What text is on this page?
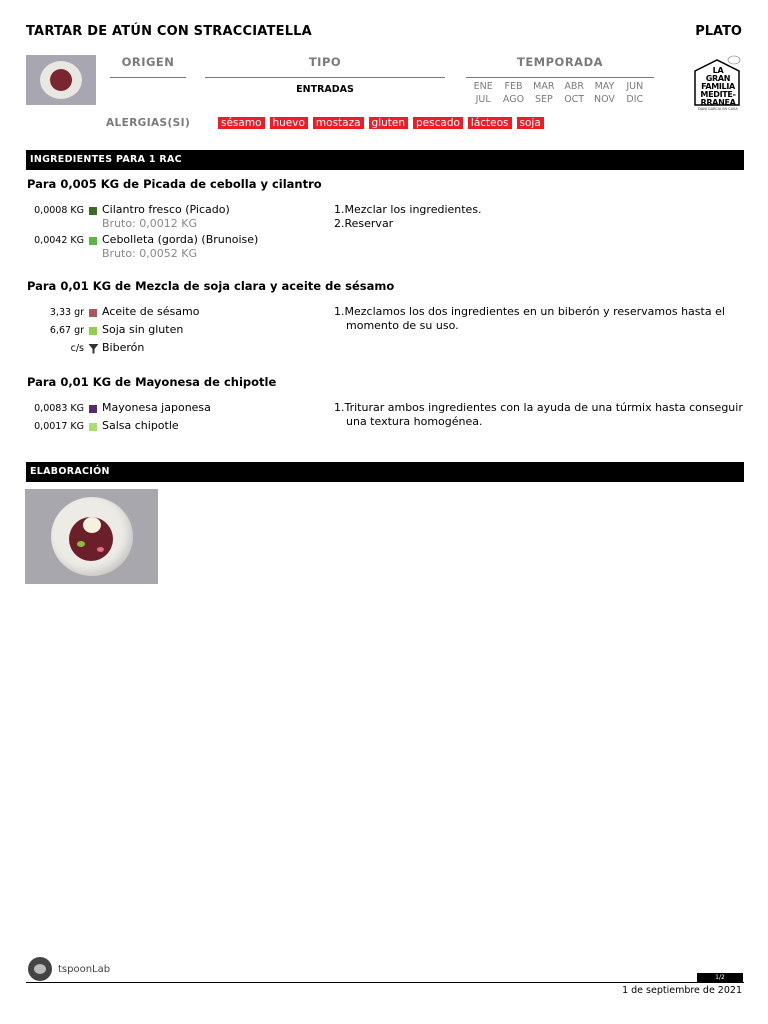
TARTAR DE ATÚN CON STRACCIATELLA	PLATO
ORIGEN	TIPO
ENTRADAS
TEMPORADA
ENE	FEB	MAR	ABR	MAY	JUN
JUL	AGO	SEP	OCT	NOV	DIC
LA
GRAN
FAMILIA
MEDITE-
RRANEA
DANI GARCIA EN CASA
ALERGIAS(SI)	sésamo huevo mostaza gluten pescado lácteos soja
INGREDIENTES PARA 1 RAC
Para 0,005 KG de Picada de cebolla y cilantro
0,0008 KG Cilantro fresco (Picado)
Bruto: 0,0012 KG
0,0042 KG Cebolleta (gorda) (Brunoise)
Bruto: 0,0052 KG
1.Mezclar los ingredientes.
2.Reservar
Para 0,01 KG de Mezcla de soja clara y aceite de sésamo
3,33 gr Aceite de sésamo
6,67 gr Soja sin gluten
c/s Biberón
1.Mezclamos los dos ingredientes en un biberón y reservamos hasta el momento de su uso.
Para 0,01 KG de Mayonesa de chipotle
0,0083 KG Mayonesa japonesa
0,0017 KG Salsa chipotle
1.Triturar ambos ingredientes con la ayuda de una túrmix hasta conseguir una textura homogénea.
ELABORACIÓN
tspoonLab
1/2
1 de septiembre de 2021
